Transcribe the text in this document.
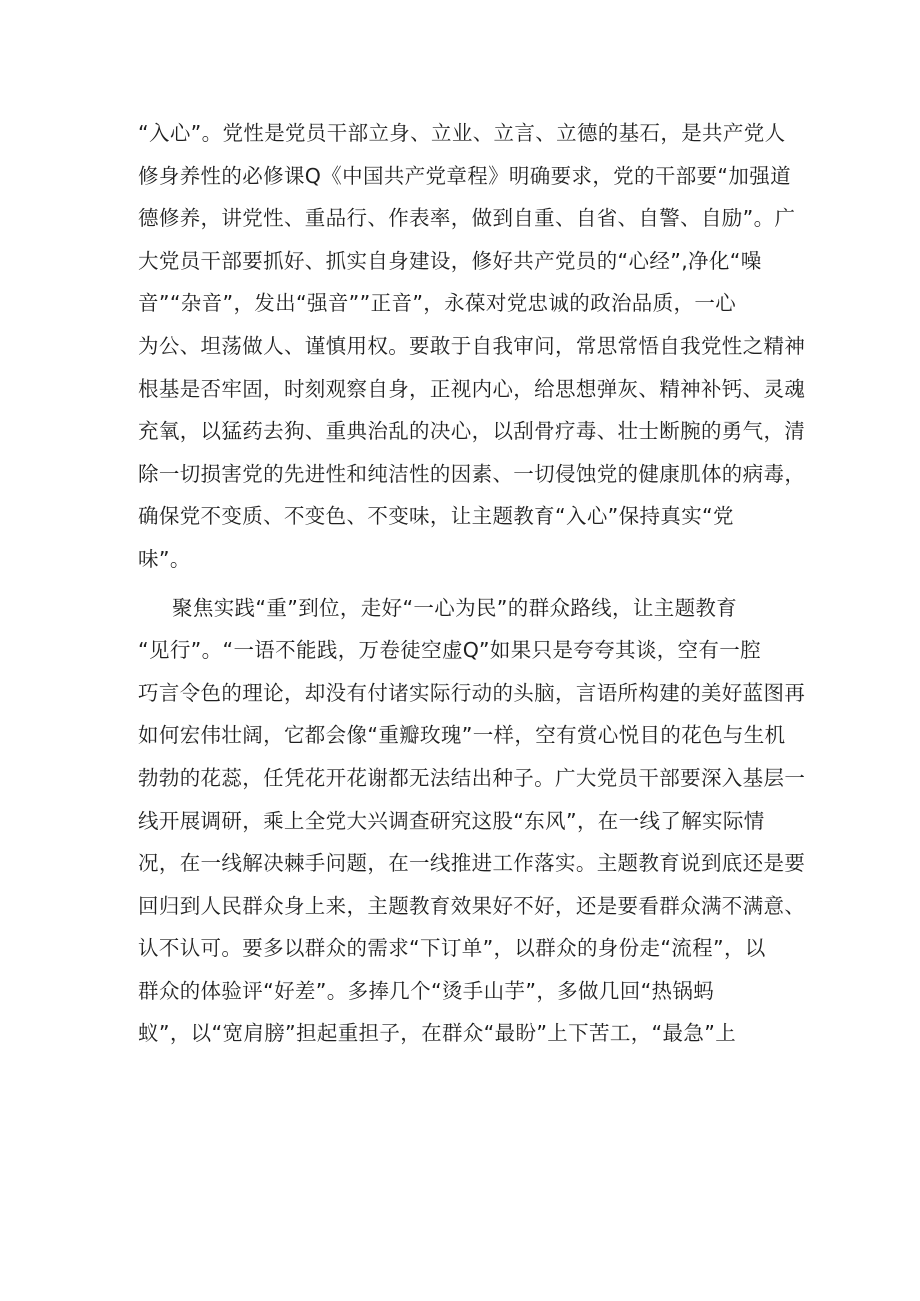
“入心”。党性是党员干部立身、立业、立言、立德的基石，是共产党人
修身养性的必修课Q《中国共产党章程》明确要求，党的干部要“加强道
德修养，讲党性、重品行、作表率，做到自重、自省、自警、自励”。广
大党员干部要抓好、抓实自身建设，修好共产党员的“心经”,净化“噪
音”“杂音”，发出“强音””正音”，永葆对党忠诚的政治品质，一心
为公、坦荡做人、谨慎用权。要敢于自我审问，常思常悟自我党性之精神
根基是否牢固，时刻观察自身，正视内心，给思想弹灰、精神补钙、灵魂
充氧，以猛药去狗、重典治乱的决心，以刮骨疗毒、壮士断腕的勇气，清
除一切损害党的先进性和纯洁性的因素、一切侵蚀党的健康肌体的病毒，
确保党不变质、不变色、不变味，让主题教育“入心”保持真实“党
味”。
聚焦实践“重”到位，走好“一心为民”的群众路线，让主题教育
“见行”。“一语不能践，万卷徒空虚Q”如果只是夸夸其谈，空有一腔
巧言令色的理论，却没有付诸实际行动的头脑，言语所构建的美好蓝图再
如何宏伟壮阔，它都会像“重瓣玫瑰”一样，空有赏心悦目的花色与生机
勃勃的花蕊，任凭花开花谢都无法结出种子。广大党员干部要深入基层一
线开展调研，乘上全党大兴调查研究这股“东风”，在一线了解实际情
况，在一线解决棘手问题，在一线推进工作落实。主题教育说到底还是要
回归到人民群众身上来，主题教育效果好不好，还是要看群众满不满意、
认不认可。要多以群众的需求“下订单”，以群众的身份走“流程”，以
群众的体验评“好差”。多捧几个“烫手山芋”，多做几回“热锅蚂
蚁”，以“宽肩膀”担起重担子，在群众“最盼”上下苦工，“最急”上
